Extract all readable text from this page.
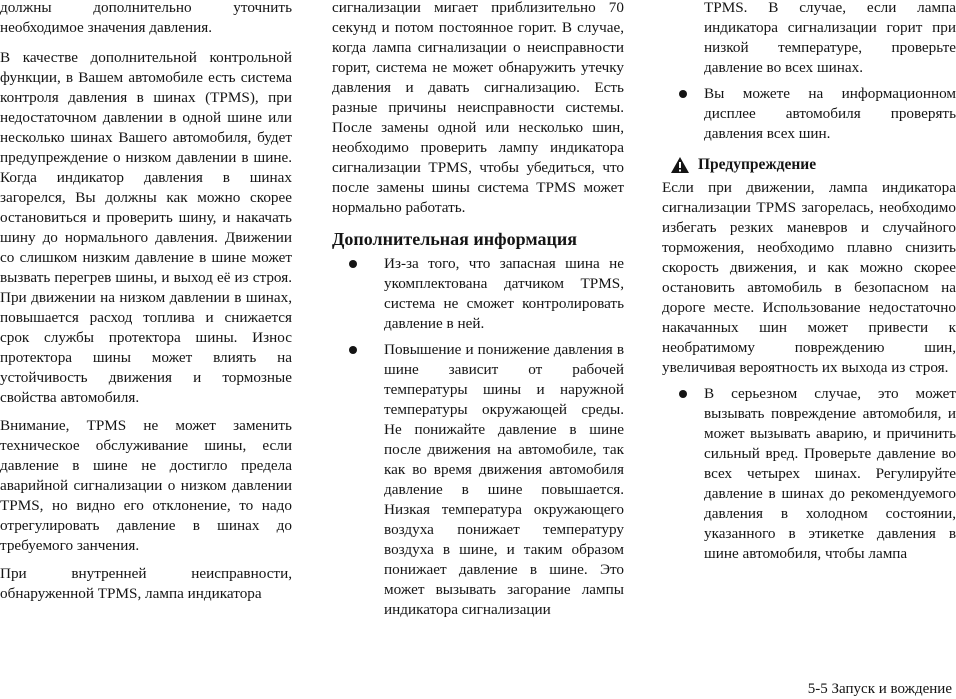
должны дополнительно уточнить необходимое значения давления.

В качестве дополнительной контрольной функции, в Вашем автомобиле есть система контроля давления в шинах (TPMS), при недостаточном давлении в одной шине или несколько шинах Вашего автомобиля, будет предупреждение о низком давлении в шине. Когда индикатор давления в шинах загорелся, Вы должны как можно скорее остановиться и проверить шину, и накачать шину до нормального давления. Движении со слишком низким давление в шине может вызвать перегрев шины, и выход её из строя. При движении на низком давлении в шинах, повышается расход топлива и снижается срок службы протектора шины. Износ протектора шины может влиять на устойчивость движения и тормозные свойства автомобиля.

Внимание, TPMS не может заменить техническое обслуживание шины, если давление в шине не достигло предела аварийной сигнализации о низком давлении TPMS, но видно его отклонение, то надо отрегулировать давление в шинах до требуемого занчения.

При внутренней неисправности, обнаруженной TPMS, лампа индикатора

сигнализации мигает приблизительно 70 секунд и потом постоянное горит. В случае, когда лампа сигнализации о неисправности горит, система не может обнаружить утечку давления и давать сигнализацию. Есть разные причины неисправности системы. После замены одной или несколько шин, необходимо проверить лампу индикатора сигнализации TPMS, чтобы убедиться, что после замены шины система TPMS может нормально работать.

Дополнительная информация

Из-за того, что запасная шина не укомплектована датчиком TPMS, система не сможет контролировать давление в ней.

Повышение и понижение давления в шине зависит от рабочей температуры шины и наружной температуры окружающей среды. Не понижайте давление в шине после движения на автомобиле, так как во время движения автомобиля давление в шине повышается. Низкая температура окружающего воздуха понижает температуру воздуха в шине, и таким образом понижает давление в шине. Это может вызывать загорание лампы индикатора сигнализации

TPMS. В случае, если лампа индикатора сигнализации горит при низкой температуре, проверьте давление во всех шинах.

Вы можете на информационном дисплее автомобиля проверять давления всех шин.

Предупреждение

Если при движении, лампа индикатора сигнализации TPMS загорелась, необходимо избегать резких маневров и случайного торможения, необходимо плавно снизить скорость движения, и как можно скорее остановить автомобиль в безопасном на дороге месте. Использование недостаточно накачанных шин может привести к необратимому повреждению шин, увеличивая вероятность их выхода из строя.

В серьезном случае, это может вызывать повреждение автомобиля, и может вызывать аварию, и причинить сильный вред. Проверьте давление во всех четырех шинах. Регулируйте давление в шинах до рекомендуемого давления в холодном состоянии, указанного в этикетке давления в шине автомобиля, чтобы лампа

5-5 Запуск и вождение
